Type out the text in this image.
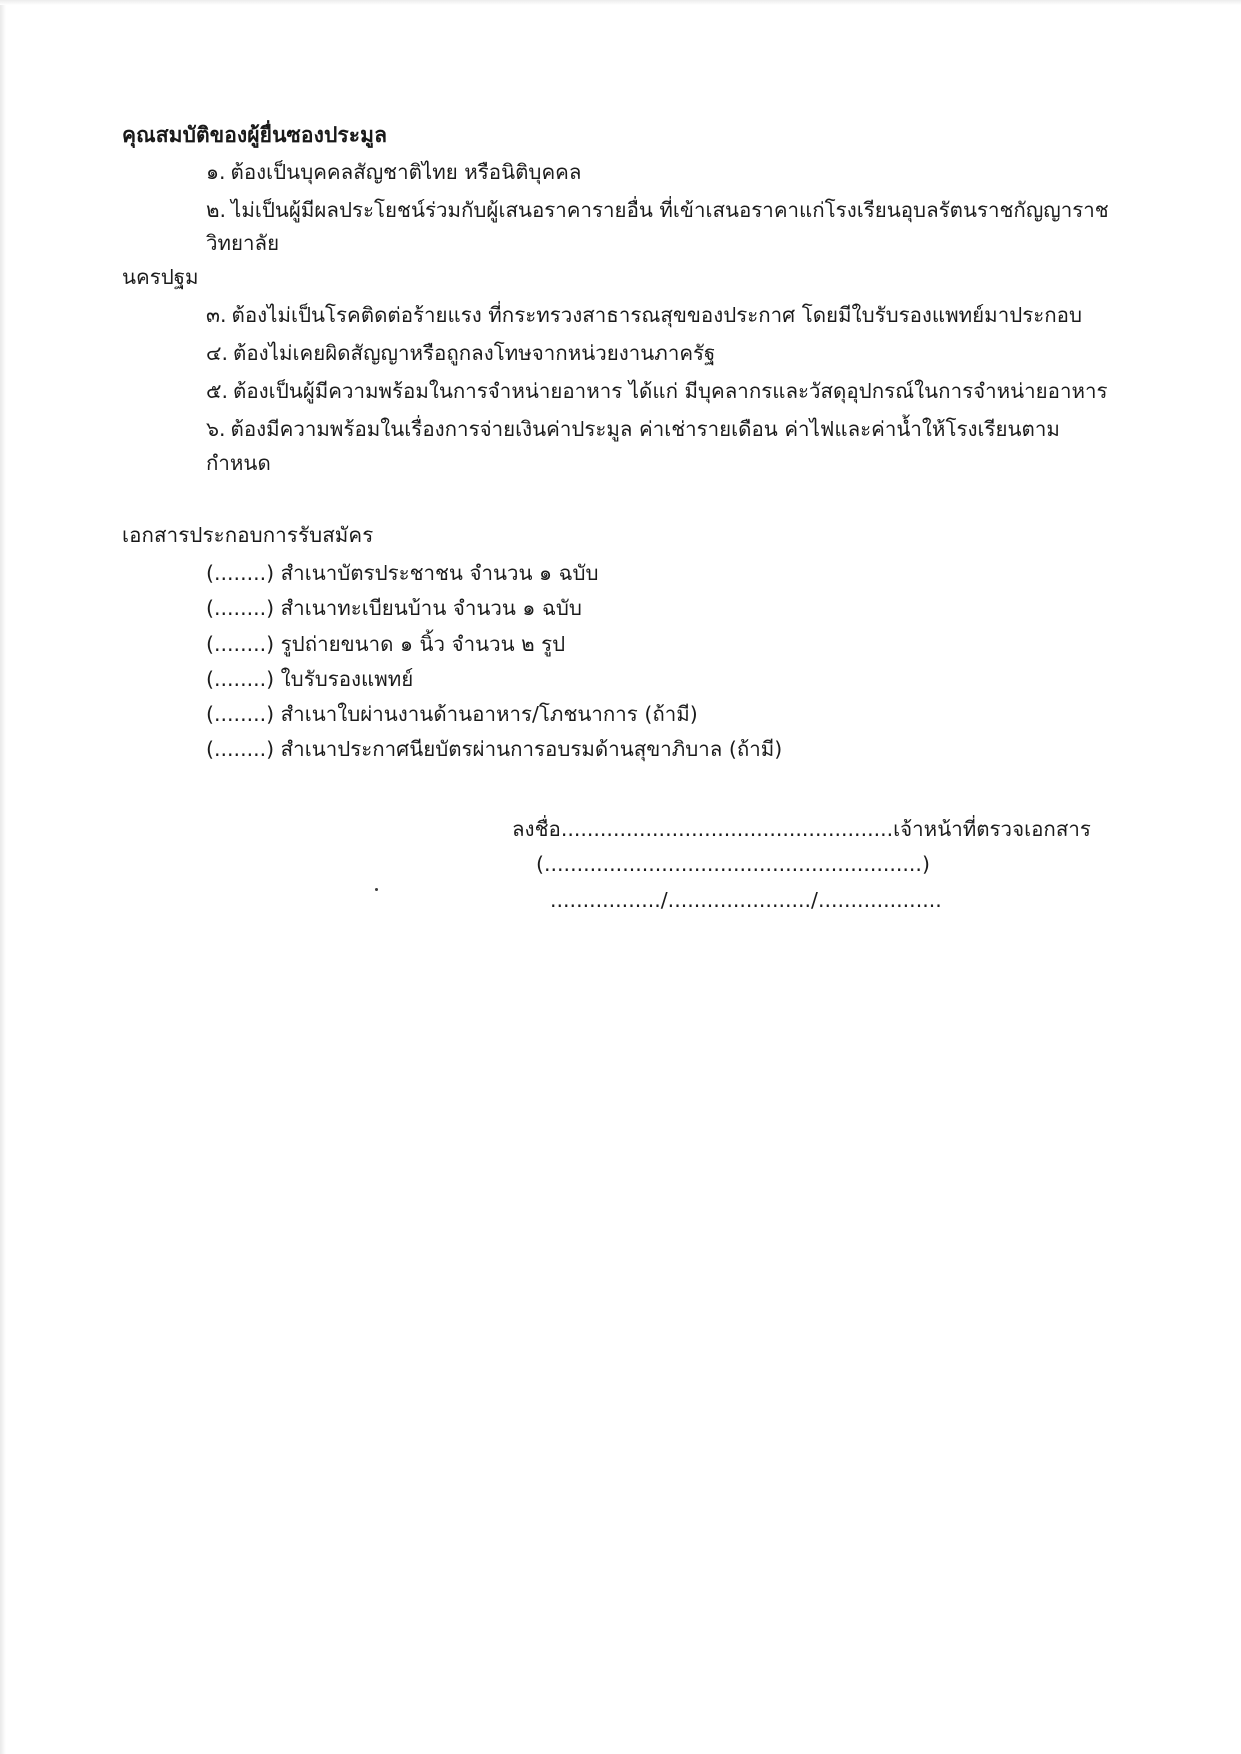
คุณสมบัติของผู้ยื่นซองประมูล
๑. ต้องเป็นบุคคลสัญชาติไทย หรือนิติบุคคล
๒. ไม่เป็นผู้มีผลประโยชน์ร่วมกับผู้เสนอราคารายอื่น ที่เข้าเสนอราคาแก่โรงเรียนอุบลรัตนราชกัญญาราชวิทยาลัย
นครปฐม
๓. ต้องไม่เป็นโรคติดต่อร้ายแรง ที่กระทรวงสาธารณสุขของประกาศ โดยมีใบรับรองแพทย์มาประกอบ
๔. ต้องไม่เคยผิดสัญญาหรือถูกลงโทษจากหน่วยงานภาครัฐ
๕. ต้องเป็นผู้มีความพร้อมในการจำหน่ายอาหาร ได้แก่ มีบุคลากรและวัสดุอุปกรณ์ในการจำหน่ายอาหาร
๖. ต้องมีความพร้อมในเรื่องการจ่ายเงินค่าประมูล ค่าเช่ารายเดือน ค่าไฟและค่าน้ำให้โรงเรียนตามกำหนด
เอกสารประกอบการรับสมัคร
(........) สำเนาบัตรประชาชน จำนวน ๑ ฉบับ
(........) สำเนาทะเบียนบ้าน จำนวน ๑ ฉบับ
(........) รูปถ่ายขนาด ๑ นิ้ว จำนวน ๒ รูป
(........) ใบรับรองแพทย์
(........) สำเนาใบผ่านงานด้านอาหาร/โภชนาการ (ถ้ามี)
(........) สำเนาประกาศนียบัตรผ่านการอบรมด้านสุขาภิบาล (ถ้ามี)
ลงชื่อ...................................................เจ้าหน้าที่ตรวจเอกสาร
(..........................................................)
................./....................../...................
